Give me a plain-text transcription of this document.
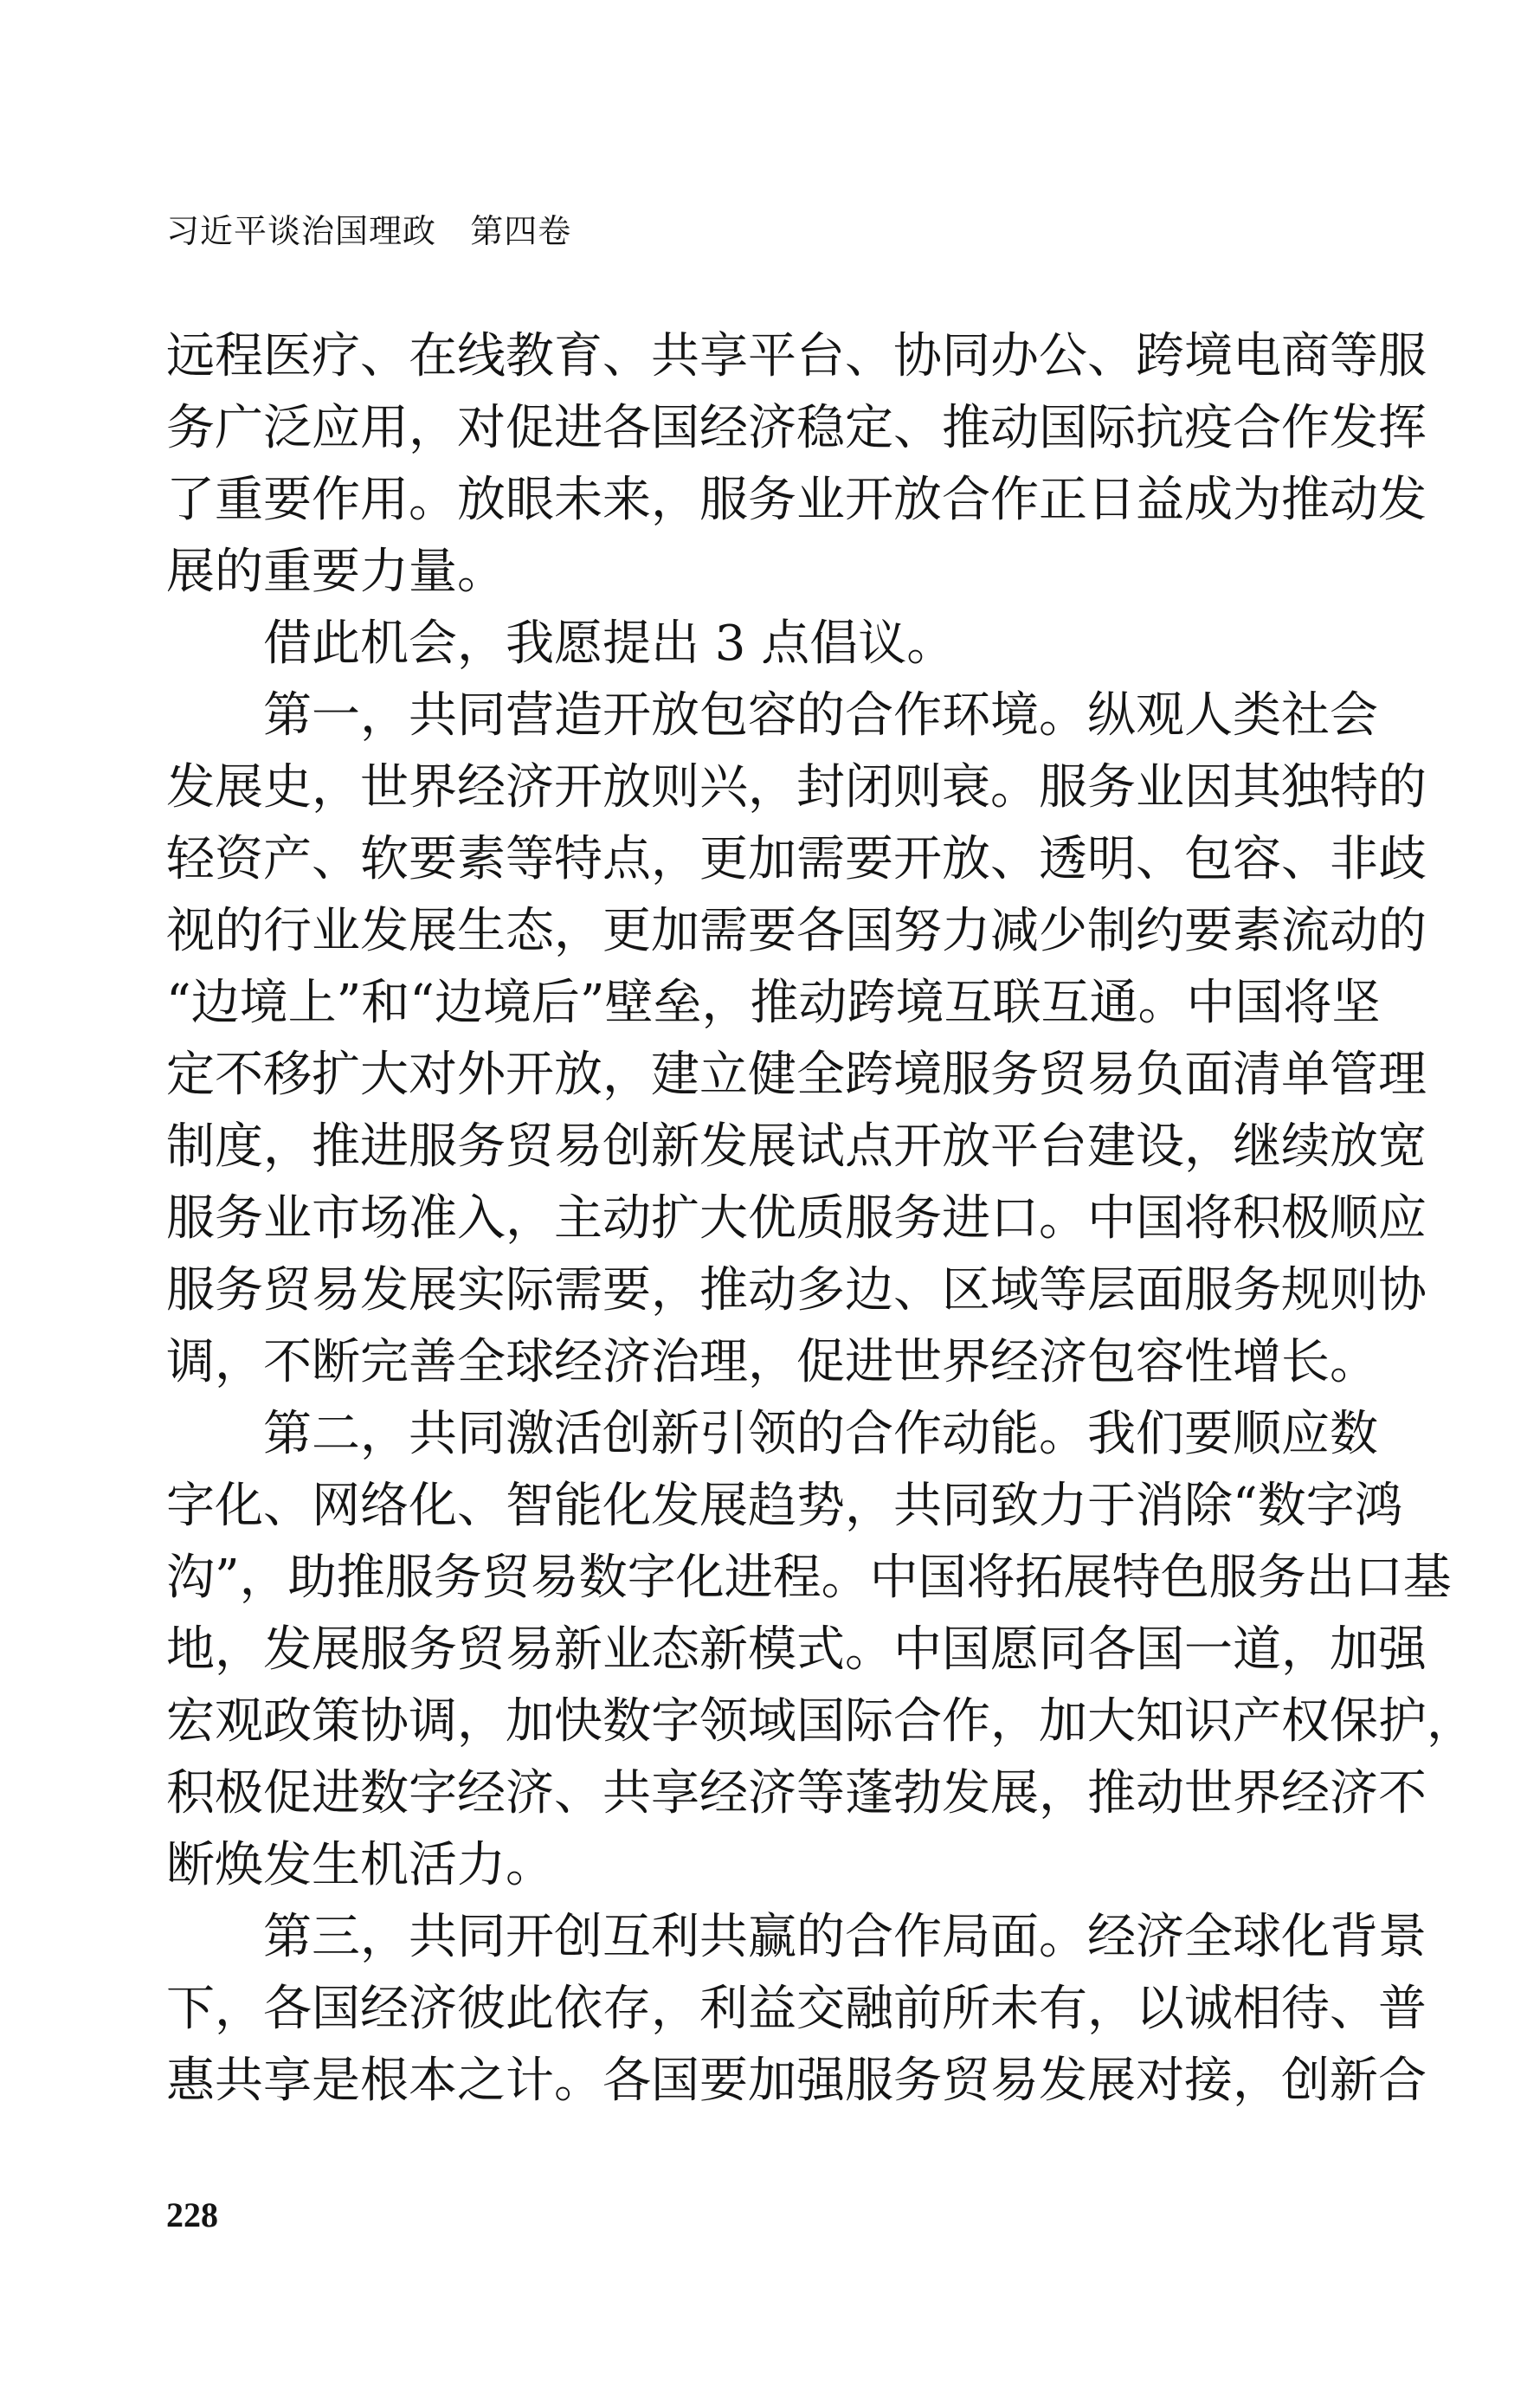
习近平谈治国理政   第四卷
远程医疗、在线教育、共享平台、协同办公、跨境电商等服
务广泛应用，对促进各国经济稳定、推动国际抗疫合作发挥
了重要作用。放眼未来，服务业开放合作正日益成为推动发
展的重要力量。
　　借此机会，我愿提出 3 点倡议。
　　第一，共同营造开放包容的合作环境。纵观人类社会
发展史，世界经济开放则兴，封闭则衰。服务业因其独特的
轻资产、软要素等特点，更加需要开放、透明、包容、非歧
视的行业发展生态，更加需要各国努力减少制约要素流动的
“边境上”和“边境后”壁垒，推动跨境互联互通。中国将坚
定不移扩大对外开放，建立健全跨境服务贸易负面清单管理
制度，推进服务贸易创新发展试点开放平台建设，继续放宽
服务业市场准入，主动扩大优质服务进口。中国将积极顺应
服务贸易发展实际需要，推动多边、区域等层面服务规则协
调，不断完善全球经济治理，促进世界经济包容性增长。
　　第二，共同激活创新引领的合作动能。我们要顺应数
字化、网络化、智能化发展趋势，共同致力于消除“数字鸿
沟”，助推服务贸易数字化进程。中国将拓展特色服务出口基
地，发展服务贸易新业态新模式。中国愿同各国一道，加强
宏观政策协调，加快数字领域国际合作，加大知识产权保护，
积极促进数字经济、共享经济等蓬勃发展，推动世界经济不
断焕发生机活力。
　　第三，共同开创互利共赢的合作局面。经济全球化背景
下，各国经济彼此依存，利益交融前所未有，以诚相待、普
惠共享是根本之计。各国要加强服务贸易发展对接，创新合
228
